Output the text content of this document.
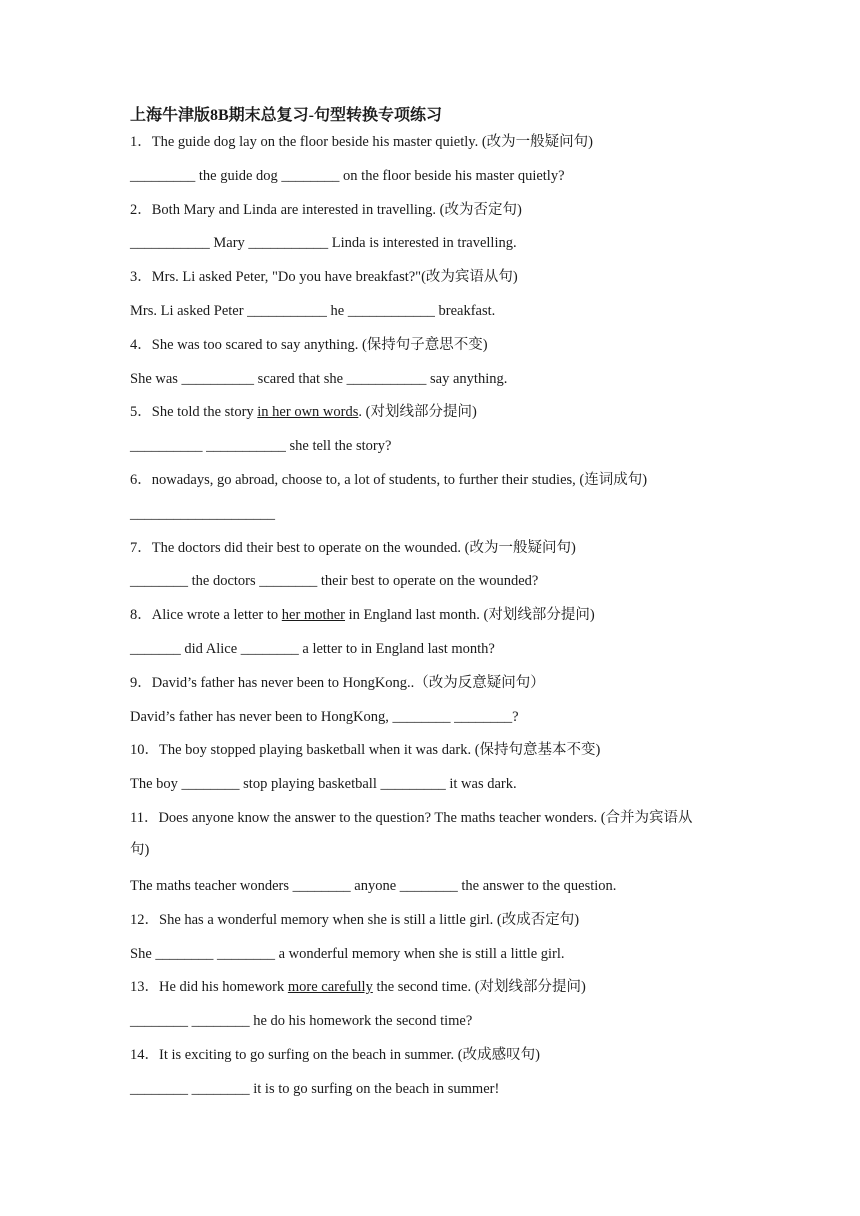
上海牛津版8B期末总复习-句型转换专项练习
1．The guide dog lay on the floor beside his master quietly. (改为一般疑问句)
_________ the guide dog ________ on the floor beside his master quietly?
2．Both Mary and Linda are interested in travelling. (改为否定句)
___________ Mary ___________ Linda is interested in travelling.
3．Mrs. Li asked Peter, "Do you have breakfast?"(改为宾语从句)
Mrs. Li asked Peter ___________ he ____________ breakfast.
4．She was too scared to say anything. (保持句子意思不变)
She was __________ scared that she ___________ say anything.
5．She told the story in her own words. (对划线部分提问)
__________ ___________ she tell the story?
6．nowadays, go abroad, choose to, a lot of students, to further their studies, (连词成句)
____________________
7．The doctors did their best to operate on the wounded. (改为一般疑问句)
________ the doctors ________ their best to operate on the wounded?
8．Alice wrote a letter to her mother in England last month. (对划线部分提问)
_______ did Alice ________ a letter to in England last month?
9．David’s father has never been to HongKong..（改为反意疑问句）
David’s father has never been to HongKong, ________ ________?
10．The boy stopped playing basketball when it was dark. (保持句意基本不变)
The boy ________ stop playing basketball _________ it was dark.
11．Does anyone know the answer to the question? The maths teacher wonders. (合并为宾语从
句)
The maths teacher wonders ________ anyone ________ the answer to the question.
12．She has a wonderful memory when she is still a little girl. (改成否定句)
She ________ ________ a wonderful memory when she is still a little girl.
13．He did his homework more carefully the second time. (对划线部分提问)
________ ________ he do his homework the second time?
14．It is exciting to go surfing on the beach in summer. (改成感叹句)
________ ________ it is to go surfing on the beach in summer!
